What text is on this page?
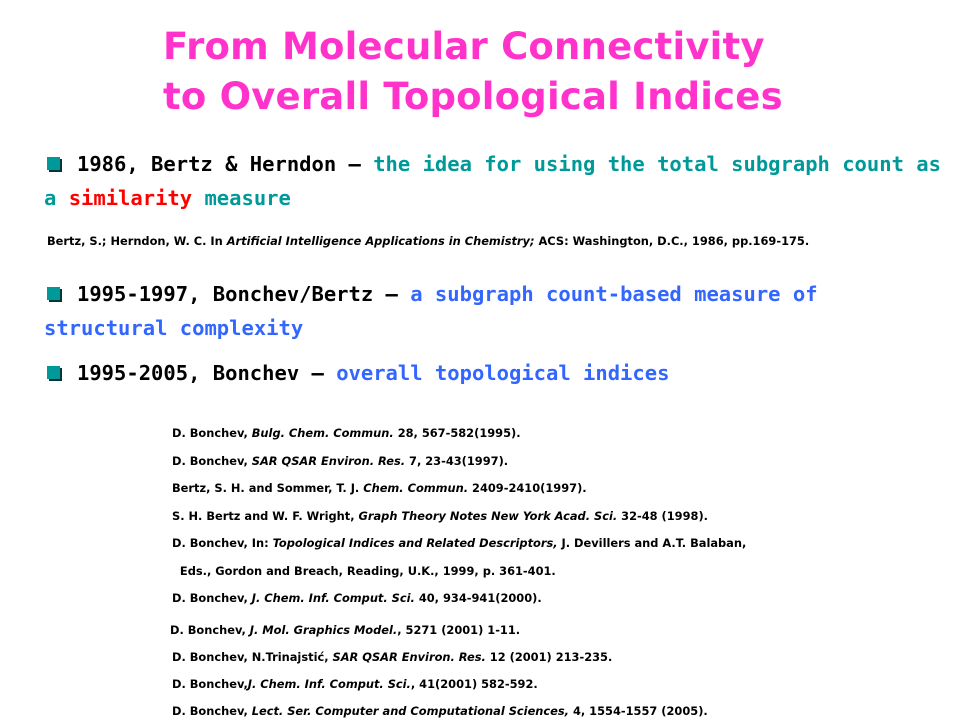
From Molecular Connectivity
to Overall Topological Indices

1986, Bertz & Herndon – the idea for using the total subgraph count as a similarity measure

Bertz, S.; Herndon, W. C. In Artificial Intelligence Applications in Chemistry; ACS: Washington, D.C., 1986, pp.169-175.

1995-1997, Bonchev/Bertz – a subgraph count-based measure of structural complexity

1995-2005, Bonchev – overall topological indices

D. Bonchev, Bulg. Chem. Commun. 28, 567-582(1995).
D. Bonchev, SAR QSAR Environ. Res. 7, 23-43(1997).
Bertz, S. H. and Sommer, T. J. Chem. Commun. 2409-2410(1997).
S. H. Bertz and W. F. Wright, Graph Theory Notes New York Acad. Sci. 32-48 (1998).
D. Bonchev, In: Topological Indices and Related Descriptors, J. Devillers and A.T. Balaban,
Eds., Gordon and Breach, Reading, U.K., 1999, p. 361-401.
D. Bonchev, J. Chem. Inf. Comput. Sci. 40, 934-941(2000).
D. Bonchev, J. Mol. Graphics Model., 5271 (2001) 1-11.
D. Bonchev, N.Trinajstić, SAR QSAR Environ. Res. 12 (2001) 213-235.
D. Bonchev,J. Chem. Inf. Comput. Sci., 41(2001) 582-592.
D. Bonchev, Lect. Ser. Computer and Computational Sciences, 4, 1554-1557 (2005).
